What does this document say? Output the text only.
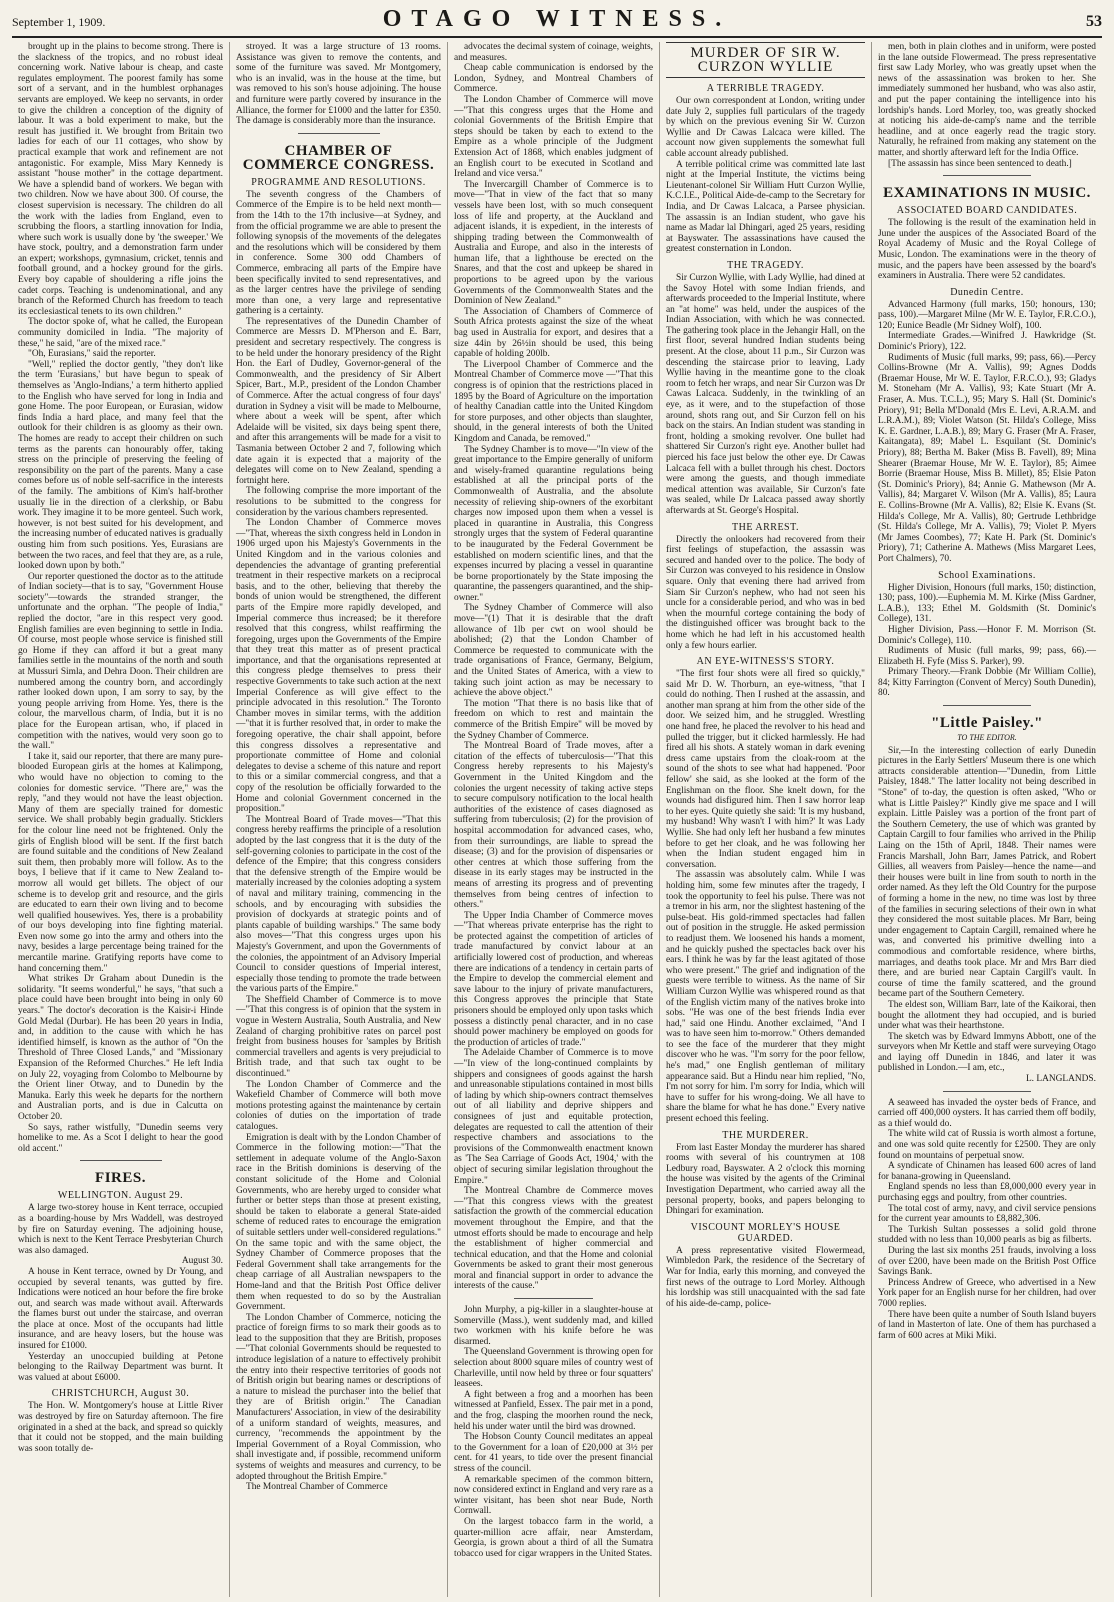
September 1, 1909.	OTAGO WITNESS.	53

brought up in the plains to become strong. There is the slackness of the tropics, and no robust ideal concerning work. Native labour is cheap, and caste regulates employment. The poorest family has some sort of a servant, and in the humblest orphanages servants are employed. We keep no servants, in order to give the children a conception of the dignity of labour. It was a bold experiment to make, but the result has justified it. We brought from Britain two ladies for each of our 11 cottages, who show by practical example that work and refinement are not antagonistic. For example, Miss Mary Kennedy is assistant "house mother" in the cottage department. We have a splendid band of workers. We began with two children. Now we have about 300. Of course, the closest supervision is necessary. The children do all the work with the ladies from England, even to scrubbing the floors, a startling innovation for India, where such work is usually done by 'the sweeper.' We have stock, poultry, and a demonstration farm under an expert; workshops, gymnasium, cricket, tennis and football ground, and a hockey ground for the girls. Every boy capable of shouldering a rifle joins the cadet corps. Teaching is undenominational, and any branch of the Reformed Church has freedom to teach its ecclesiastical tenets to its own children."

The doctor spoke of, what he called, the European community domiciled in India. "The majority of these," he said, "are of the mixed race."

"Oh, Eurasians," said the reporter.

"Well," replied the doctor gently, "they don't like the term 'Eurasians,' but have begun to speak of themselves as 'Anglo-Indians,' a term hitherto applied to the English who have served for long in India and gone Home. The poor European, or Eurasian, widow finds India a hard place, and many feel that the outlook for their children is as gloomy as their own. The homes are ready to accept their children on such terms as the parents can honourably offer, taking stress on the principle of preserving the feeling of responsibility on the part of the parents. Many a case comes before us of noble self-sacrifice in the interests of the family. The ambitions of Kim's half-brother usually lie in the direction of a clerkship, or Babu work. They imagine it to be more genteel. Such work, however, is not best suited for his development, and the increasing number of educated natives is gradually ousting him from such positions. Yes, Eurasians are between the two races, and feel that they are, as a rule, looked down upon by both."

Our reporter questioned the doctor as to the attitude of Indian society—that is to say, "Government House society"—towards the stranded stranger, the unfortunate and the orphan. "The people of India," replied the doctor, "are in this respect very good. English families are even beginning to settle in India. Of course, most people whose service is finished still go Home if they can afford it but a great many families settle in the mountains of the north and south at Mussuri Simla, and Dehra Doon. Their children are numbered among the country born, and accordingly rather looked down upon, I am sorry to say, by the young people arriving from Home. Yes, there is the colour, the marvellous charm, of India, but it is no place for the European artisan, who, if placed in competition with the natives, would very soon go to the wall."

I take it, said our reporter, that there are many pure-blooded European girls at the homes at Kalimpong, who would have no objection to coming to the colonies for domestic service. "There are," was the reply, "and they would not have the least objection. Many of them are specially trained for domestic service. We shall probably begin gradually. Sticklers for the colour line need not be frightened. Only the girls of English blood will be sent. If the first batch are found suitable and the conditions of New Zealand suit them, then probably more will follow. As to the boys, I believe that if it came to New Zealand to-morrow all would get billets. The object of our scheme is to develop grit and resource, and the girls are educated to earn their own living and to become well qualified housewives. Yes, there is a probability of our boys developing into fine fighting material. Even now some go into the army and others into the navy, besides a large percentage being trained for the mercantile marine. Gratifying reports have come to hand concerning them."

What strikes Dr Graham about Dunedin is the solidarity. "It seems wonderful," he says, "that such a place could have been brought into being in only 60 years." The doctor's decoration is the Kaisir-i Hinde Gold Medal (Durbar). He has been 20 years in India, and, in addition to the cause with which he has identified himself, is known as the author of "On the Threshold of Three Closed Lands," and "Missionary Expansion of the Reformed Churches." He left India on July 22, voyaging from Colombo to Melbourne by the Orient liner Otway, and to Dunedin by the Manuka. Early this week he departs for the northern and Australian ports, and is due in Calcutta on October 20.

So says, rather wistfully, "Dunedin seems very homelike to me. As a Scot I delight to hear the good old accent."

FIRES.
WELLINGTON. August 29.

A large two-storey house in Kent terrace, occupied as a boarding-house by Mrs Waddell, was destroyed by fire on Saturday evening. The adjoining house, which is next to the Kent Terrace Presbyterian Church was also damaged.

August 30.

A house in Kent terrace, owned by Dr Young, and occupied by several tenants, was gutted by fire. Indications were noticed an hour before the fire broke out, and search was made without avail. Afterwards the flames burst out under the staircase, and overran the place at once. Most of the occupants had little insurance, and are heavy losers, but the house was insured for £1000.

Yesterday an unoccupied building at Petone belonging to the Railway Department was burnt. It was valued at about £6000.

CHRISTCHURCH, August 30.

The Hon. W. Montgomery's house at Little River was destroyed by fire on Saturday afternoon. The fire originated in a shed at the back, and spread so quickly that it could not be stopped, and the main building was soon totally de-

stroyed. It was a large structure of 13 rooms. Assistance was given to remove the contents, and some of the furniture was saved. Mr Montgomery, who is an invalid, was in the house at the time, but was removed to his son's house adjoining. The house and furniture were partly covered by insurance in the Alliance, the former for £1000 and the latter for £350. The damage is considerably more than the insurance.

CHAMBER OF COMMERCE CONGRESS.
PROGRAMME AND RESOLUTIONS.

The seventh congress of the Chambers of Commerce of the Empire is to be held next month—from the 14th to the 17th inclusive—at Sydney, and from the official programme we are able to present the following synopsis of the movements of the delegates and the resolutions which will be considered by them in conference. Some 300 odd Chambers of Commerce, embracing all parts of the Empire have been specifically invited to send representatives, and as the larger centres have the privilege of sending more than one, a very large and representative gathering is a certainty.

The representatives of the Dunedin Chamber of Commerce are Messrs D. M'Pherson and E. Barr, president and secretary respectively. The congress is to be held under the honorary presidency of the Right Hon. the Earl of Dudley, Governor-general of the Commonwealth, and the presidency of Sir Albert Spicer, Bart., M.P., president of the London Chamber of Commerce. After the actual congress of four days' duration in Sydney a visit will be made to Melbourne, where about a week will be spent, after which Adelaide will be visited, six days being spent there, and after this arrangements will be made for a visit to Tasmania between October 2 and 7, following which date again it is expected that a majority of the delegates will come on to New Zealand, spending a fortnight here.

The following comprise the more important of the resolutions to be submitted to the congress for consideration by the various chambers represented.

The London Chamber of Commerce moves —"That, whereas the sixth congress held in London in 1906 urged upon his Majesty's Governments in the United Kingdom and in the various colonies and dependencies the advantage of granting preferential treatment in their respective markets on a reciprocal basis, and to the other, believing that thereby the bonds of union would be strengthened, the different parts of the Empire more rapidly developed, and Imperial commerce thus increased; be it therefore resolved that this congress, whilst reaffirming the foregoing, urges upon the Governments of the Empire that they treat this matter as of present practical importance, and that the organisations represented at this congress pledge themselves to press their respective Governments to take such action at the next Imperial Conference as will give effect to the principle advocated in this resolution." The Toronto Chamber moves in similar terms, with the addition—"that it is further resolved that, in order to make the foregoing operative, the chair shall appoint, before this congress dissolves a representative and proportionate committee of Home and colonial delegates to devise a scheme of this nature and report to this or a similar commercial congress, and that a copy of the resolution be officially forwarded to the Home and colonial Government concerned in the proposition."

The Montreal Board of Trade moves—"That this congress hereby reaffirms the principle of a resolution adopted by the last congress that it is the duty of the self-governing colonies to participate in the cost of the defence of the Empire; that this congress considers that the defensive strength of the Empire would be materially increased by the colonies adopting a system of naval and military training, commencing in the schools, and by encouraging with subsidies the provision of dockyards at strategic points and of plants capable of building warships." The same body also moves—"That this congress urges upon his Majesty's Government, and upon the Governments of the colonies, the appointment of an Advisory Imperial Council to consider questions of Imperial interest, especially those tending to promote the trade between the various parts of the Empire."

The Sheffield Chamber of Commerce is to move—"That this congress is of opinion that the system in vogue in Western Australia, South Australia, and New Zealand of charging prohibitive rates on parcel post freight from business houses for 'samples by British commercial travellers and agents is very prejudicial to British trade, and that such tax ought to be discontinued."

The London Chamber of Commerce and the Wakefield Chamber of Commerce will both move motions protesting against the maintenance by certain colonies of duties on the importation of trade catalogues.

Emigration is dealt with by the London Chamber of Commerce in the following motion:—"That the settlement in adequate volume of the Anglo-Saxon race in the British dominions is deserving of the constant solicitude of the Home and Colonial Governments, who are hereby urged to consider what further or better steps than those at present existing, should be taken to elaborate a general State-aided scheme of reduced rates to encourage the emigration of suitable settlers under well-considered regulations." On the same topic and with the same object, the Sydney Chamber of Commerce proposes that the Federal Government shall take arrangements for the cheap carriage of all Australian newspapers to the Home-land and that the British Post Office deliver them when requested to do so by the Australian Government.

The London Chamber of Commerce, noticing the practice of foreign firms to so mark their goods as to lead to the supposition that they are British, proposes—"That colonial Governments should be requested to introduce legislation of a nature to effectively prohibit the entry into their respective territories of goods not of British origin but bearing names or descriptions of a nature to mislead the purchaser into the belief that they are of British origin." The Canadian Manufacturers' Association, in view of the desirability of a uniform standard of weights, measures, and currency, "recommends the appointment by the Imperial Government of a Royal Commission, who shall investigate and, if possible, recommend uniform systems of weights and measures and currency, to be adopted throughout the British Empire."

The Montreal Chamber of Commerce

advocates the decimal system of coinage, weights, and measures.

Cheap cable communication is endorsed by the London, Sydney, and Montreal Chambers of Commerce.

The London Chamber of Commerce will move—"That this congress urges that the Home and colonial Governments of the British Empire that steps should be taken by each to extend to the Empire as a whole principle of the Judgment Extension Act of 1868, which enables judgment of an English court to be executed in Scotland and Ireland and vice versa."

The Invercargill Chamber of Commerce is to move—"That in view of the fact that so many vessels have been lost, with so much consequent loss of life and property, at the Auckland and adjacent islands, it is expedient, in the interests of shipping trading between the Commonwealth of Australia and Europe, and also in the interests of human life, that a lighthouse be erected on the Snares, and that the cost and upkeep be shared in proportions to be agreed upon by the various Governments of the Commonwealth States and the Dominion of New Zealand."

The Association of Chambers of Commerce of South Africa protests against the size of the wheat bag used in Australia for export, and desires that a size 44in by 26½in should be used, this being capable of holding 200lb.

The Liverpool Chamber of Commerce and the Montreal Chamber of Commerce move —"That this congress is of opinion that the restrictions placed in 1895 by the Board of Agriculture on the importation of healthy Canadian cattle into the United Kingdom for store purposes, and other objects than slaughter, should, in the general interests of both the United Kingdom and Canada, be removed."

The Sydney Chamber is to move—"In view of the great importance to the Empire generally of uniform and wisely-framed quarantine regulations being established at all the principal ports of the Commonwealth of Australia, and the absolute necessity of relieving ship-owners of the exorbitant charges now imposed upon them when a vessel is placed in quarantine in Australia, this Congress strongly urges that the system of Federal quarantine to be inaugurated by the Federal Government be established on modern scientific lines, and that the expenses incurred by placing a vessel in quarantine be borne proportionately by the State imposing the quarantine, the passengers quarantined, and the ship-owner."

The Sydney Chamber of Commerce will also move—"(1) That it is desirable that the draft allowance of 1lb per cwt on wool should be abolished; (2) that the London Chamber of Commerce be requested to communicate with the trade organisations of France, Germany, Belgium, and the United States of America, with a view to taking such joint action as may be necessary to achieve the above object."

The motion "That there is no basis like that of freedom on which to rest and maintain the commerce of the British Empire" will be moved by the Sydney Chamber of Commerce.

The Montreal Board of Trade moves, after a citation of the effects of tuberculosis—"That this Congress hereby represents to his Majesty's Government in the United Kingdom and the colonies the urgent necessity of taking active steps to secure compulsory notification to the local health authorities of the existence of cases diagnosed as suffering from tuberculosis; (2) for the provision of hospital accommodation for advanced cases, who, from their surroundings, are liable to spread the disease; (3) and for the provision of dispensaries or other centres at which those suffering from the disease in its early stages may be instructed in the means of arresting its progress and of preventing themselves from being centres of infection to others."

The Upper India Chamber of Commerce moves—"That whereas private enterprise has the right to be protected against the competition of articles of trade manufactured by convict labour at an artificially lowered cost of production, and whereas there are indications of a tendency in certain parts of the Empire to develop the commercial element and save labour to the injury of private manufacturers, this Congress approves the principle that State prisoners should be employed only upon tasks which possess a distinctly penal character, and in no case should power machinery be employed on goods for the production of articles of trade."

The Adelaide Chamber of Commerce is to move—"In view of the long-continued complaints by shippers and consignees of goods against the harsh and unreasonable stipulations contained in most bills of lading by which ship-owners contract themselves out of all liability and deprive shippers and consignees of just and equitable protection, delegates are requested to call the attention of their respective chambers and associations to the provisions of the Commonwealth enactment known as 'The Sea Carriage of Goods Act, 1904,' with the object of securing similar legislation throughout the Empire."

The Montreal Chambre de Commerce moves—"That this congress views with the greatest satisfaction the growth of the commercial education movement throughout the Empire, and that the utmost efforts should be made to encourage and help the establishment of higher commercial and technical education, and that the Home and colonial Governments be asked to grant their most generous moral and financial support in order to advance the interests of the cause."

John Murphy, a pig-killer in a slaughter-house at Somerville (Mass.), went suddenly mad, and killed two workmen with his knife before he was disarmed.

The Queensland Government is throwing open for selection about 8000 square miles of country west of Charleville, until now held by three or four squatters' leasees.

A fight between a frog and a moorhen has been witnessed at Panfield, Essex. The pair met in a pond, and the frog, clasping the moorhen round the neck, held his under water until the bird was drowned.

The Hobson County Council meditates an appeal to the Government for a loan of £20,000 at 3½ per cent. for 41 years, to tide over the present financial stress of the council.

A remarkable specimen of the common bittern, now considered extinct in England and very rare as a winter visitant, has been shot near Bude, North Cornwall.

On the largest tobacco farm in the world, a quarter-million acre affair, near Amsterdam, Georgia, is grown about a third of all the Sumatra tobacco used for cigar wrappers in the United States.

MURDER OF SIR W. CURZON WYLLIE
A TERRIBLE TRAGEDY.

Our own correspondent at London, writing under date July 2, supplies full particulars of the tragedy by which on the previous evening Sir W. Curzon Wyllie and Dr Cawas Lalcaca were killed. The account now given supplements the somewhat full cable account already published.

A terrible political crime was committed late last night at the Imperial Institute, the victims being Lieutenant-colonel Sir William Hutt Curzon Wyllie, K.C.I.E., Political Aide-de-camp to the Secretary for India, and Dr Cawas Lalcaca, a Parsee physician. The assassin is an Indian student, who gave his name as Madar lal Dhingari, aged 25 years, residing at Bayswater. The assassinations have caused the greatest consternation in London.

THE TRAGEDY.

Sir Curzon Wyllie, with Lady Wyllie, had dined at the Savoy Hotel with some Indian friends, and afterwards proceeded to the Imperial Institute, where an "at home" was held, under the auspices of the Indian Association, with which he was connected. The gathering took place in the Jehangir Hall, on the first floor, several hundred Indian students being present. At the close, about 11 p.m., Sir Curzon was descending the staircase prior to leaving, Lady Wyllie having in the meantime gone to the cloak room to fetch her wraps, and near Sir Curzon was Dr Cawas Lalcaca. Suddenly, in the twinkling of an eye, as it were, and to the stupefaction of those around, shots rang out, and Sir Curzon fell on his back on the stairs. An Indian student was standing in front, holding a smoking revolver. One bullet had shattered Sir Curzon's right eye. Another bullet had pierced his face just below the other eye. Dr Cawas Lalcaca fell with a bullet through his chest. Doctors were among the guests, and though immediate medical attention was available, Sir Curzon's fate was sealed, while Dr Lalcaca passed away shortly afterwards at St. George's Hospital.

THE ARREST.

Directly the onlookers had recovered from their first feelings of stupefaction, the assassin was secured and handed over to the police. The body of Sir Curzon was conveyed to his residence in Onslow square. Only that evening there had arrived from Siam Sir Curzon's nephew, who had not seen his uncle for a considerable period, and who was in bed when the mournful cortege containing the body of the distinguished officer was brought back to the home which he had left in his accustomed health only a few hours earlier.

AN EYE-WITNESS'S STORY.

"The first four shots were all fired so quickly," said Mr D. W. Thorburn, an eye-witness, "that I could do nothing. Then I rushed at the assassin, and another man sprang at him from the other side of the door. We seized him, and he struggled. Wrestling one hand free, he placed the revolver to his head and pulled the trigger, but it clicked harmlessly. He had fired all his shots. A stately woman in dark evening dress came upstairs from the cloak-room at the sound of the shots to see what had happened. 'Poor fellow' she said, as she looked at the form of the Englishman on the floor. She knelt down, for the wounds had disfigured him. Then I saw horror leap to her eyes. Quite quietly she said: 'It is my husband, my husband! Why wasn't I with him?' It was Lady Wyllie. She had only left her husband a few minutes before to get her cloak, and he was following her when the Indian student engaged him in conversation.

The assassin was absolutely calm. While I was holding him, some few minutes after the tragedy, I took the opportunity to feel his pulse. There was not a tremor in his arm, nor the slightest hastening of the pulse-beat. His gold-rimmed spectacles had fallen out of position in the struggle. He asked permission to readjust them. We loosened his hands a moment, and he quickly pushed the spectacles back over his ears. I think he was by far the least agitated of those who were present." The grief and indignation of the guests were terrible to witness. As the name of Sir William Curzon Wyllie was whispered round as that of the English victim many of the natives broke into sobs. "He was one of the best friends India ever had," said one Hindu. Another exclaimed, "And I was to have seen him to-morrow." Others demanded to see the face of the murderer that they might discover who he was. "I'm sorry for the poor fellow, he's mad," one English gentleman of military appearance said. But a Hindu near him replied, "No, I'm not sorry for him. I'm sorry for India, which will have to suffer for his wrong-doing. We all have to share the blame for what he has done." Every native present echoed this feeling.

THE MURDERER.

From last Easter Monday the murderer has shared rooms with several of his countrymen at 108 Ledbury road, Bayswater. A 2 o'clock this morning the house was visited by the agents of the Criminal Investigation Department, who carried away all the personal property, books, and papers belonging to Dhingari for examination.

VISCOUNT MORLEY'S HOUSE GUARDED.

A press representative visited Flowermead, Wimbledon Park, the residence of the Secretary of War for India, early this morning, and conveyed the first news of the outrage to Lord Morley. Although his lordship was still unacquainted with the sad fate of his aide-de-camp, police-

men, both in plain clothes and in uniform, were posted in the lane outside Flowermead. The press representative first saw Lady Morley, who was greatly upset when the news of the assassination was broken to her. She immediately summoned her husband, who was also astir, and put the paper containing the intelligence into his lordship's hands. Lord Morley, too, was greatly shocked at noticing his aide-de-camp's name and the terrible headline, and at once eagerly read the tragic story. Naturally, he refrained from making any statement on the matter, and shortly afterward left for the India Office.

[The assassin has since been sentenced to death.]

EXAMINATIONS IN MUSIC.
ASSOCIATED BOARD CANDIDATES.

The following is the result of the examination held in June under the auspices of the Associated Board of the Royal Academy of Music and the Royal College of Music, London. The examinations were in the theory of music, and the papers have been assessed by the board's examiners in Australia. There were 52 candidates.

Dunedin Centre.

Advanced Harmony (full marks, 150; honours, 130; pass, 100).—Margaret Milne (Mr W. E. Taylor, F.R.C.O.), 120; Eunice Beadle (Mr Sidney Wolf), 100.

Intermediate Grades.—Winifred J. Hawkridge (St. Dominic's Priory), 122.

Rudiments of Music (full marks, 99; pass, 66).—Percy Collins-Browne (Mr A. Vallis), 99; Agnes Dodds (Braemar House, Mr W. E. Taylor, F.R.C.O.), 93; Gladys M. Stoneham (Mr A. Vallis), 93; Kate Stuart (Mr A. Fraser, A. Mus. T.C.L.), 95; Mary S. Hall (St. Dominic's Priory), 91; Bella M'Donald (Mrs E. Levi, A.R.A.M. and L.R.A.M.), 89; Violet Watson (St. Hilda's College, Miss K. E. Gardner, L.A.B.), 89; Mary G. Fraser (Mr A. Fraser, Kaitangata), 89; Mabel L. Esquilant (St. Dominic's Priory), 88; Bertha M. Baker (Miss B. Favell), 89; Mina Shearer (Braemar House, Mr W. E. Taylor), 85; Aimee Borrie (Braemar House, Miss B. Millet), 85; Elsie Paton (St. Dominic's Priory), 84; Annie G. Mathewson (Mr A. Vallis), 84; Margaret V. Wilson (Mr A. Vallis), 85; Laura E. Collins-Browne (Mr A. Vallis), 82; Elsie K. Evans (St. Hilda's College, Mr A. Vallis), 80; Gertrude Lethbridge (St. Hilda's College, Mr A. Vallis), 79; Violet P. Myers (Mr James Coombes), 77; Kate H. Park (St. Dominic's Priory), 71; Catherine A. Mathews (Miss Margaret Lees, Port Chalmers), 70.

School Examinations.

Higher Division, Honours (full marks, 150; distinction, 130; pass, 100).—Euphemia M. M. Kirke (Miss Gardner, L.A.B.), 133; Ethel M. Goldsmith (St. Dominic's College), 131.

Higher Division, Pass.—Honor F. M. Morrison (St. Dominic's College), 110.

Rudiments of Music (full marks, 99; pass, 66).—Elizabeth H. Fyfe (Miss S. Parker), 99.

Primary Theory.—Frank Dobbie (Mr William Collie), 84; Kitty Farrington (Convent of Mercy) South Dunedin), 80.

"Little Paisley."
TO THE EDITOR.

Sir,—In the interesting collection of early Dunedin pictures in the Early Settlers' Museum there is one which attracts considerable attention—"Dunedin, from Little Paisley, 1848." The latter locality not being described in "Stone" of to-day, the question is often asked, "Who or what is Little Paisley?" Kindly give me space and I will explain. Little Paisley was a portion of the front part of the Southern Cemetery, the use of which was granted by Captain Cargill to four families who arrived in the Philip Laing on the 15th of April, 1848. Their names were Francis Marshall, John Barr, James Patrick, and Robert Gillies, all weavers from Paisley—hence the name—and their houses were built in line from south to north in the order named. As they left the Old Country for the purpose of forming a home in the new, no time was lost by three of the families in securing selections of their own in what they considered the most suitable places. Mr Barr, being under engagement to Captain Cargill, remained where he was, and converted his primitive dwelling into a commodious and comfortable residence, where births, marriages, and deaths took place. Mr and Mrs Barr died there, and are buried near Captain Cargill's vault. In course of time the family scattered, and the ground became part of the Southern Cemetery.

The eldest son, William Barr, late of the Kaikorai, then bought the allotment they had occupied, and is buried under what was their hearthstone.

The sketch was by Edward Immyns Abbott, one of the surveyors when Mr Kettle and staff were surveying Otago and laying off Dunedin in 1846, and later it was published in London.—I am, etc.,

L. LANGLANDS.

A seaweed has invaded the oyster beds of France, and carried off 400,000 oysters. It has carried them off bodily, as a thief would do.

The white wild cat of Russia is worth almost a fortune, and one was sold quite recently for £2500. They are only found on mountains of perpetual snow.

A syndicate of Chinamen has leased 600 acres of land for banana-growing in Queensland.

England spends no less than £8,000,000 every year in purchasing eggs and poultry, from other countries.

The total cost of army, navy, and civil service pensions for the current year amounts to £8,882,306.

The Turkish Sultan possesses a solid gold throne studded with no less than 10,000 pearls as big as filberts.

During the last six months 251 frauds, involving a loss of over £200, have been made on the British Post Office Savings Bank.

Princess Andrew of Greece, who advertised in a New York paper for an English nurse for her children, had over 7000 replies.

There have been quite a number of South Island buyers of land in Masterton of late. One of them has purchased a farm of 600 acres at Miki Miki.
